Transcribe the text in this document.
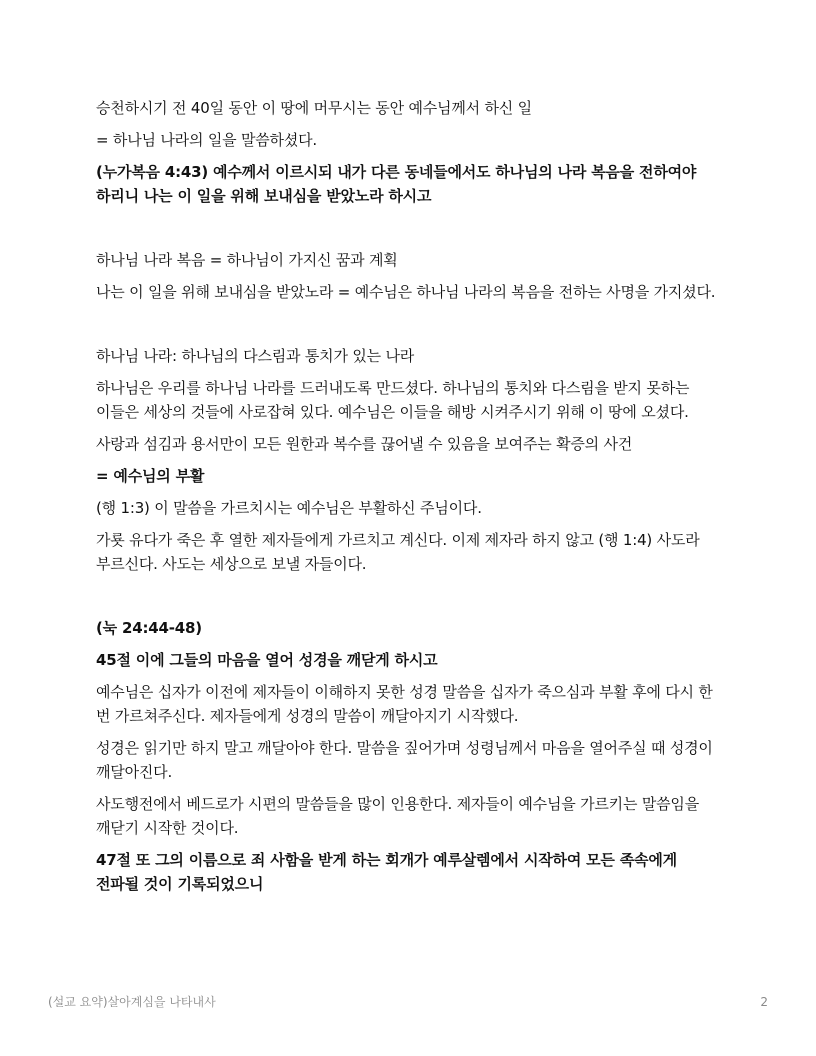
승천하시기 전 40일 동안 이 땅에 머무시는 동안 예수님께서 하신 일

= 하나님 나라의 일을 말씀하셨다.

(누가복음 4:43) 예수께서 이르시되 내가 다른 동네들에서도 하나님의 나라 복음을 전하여야 하리니 나는 이 일을 위해 보내심을 받았노라 하시고

하나님 나라 복음 = 하나님이 가지신 꿈과 계획

나는 이 일을 위해 보내심을 받았노라 = 예수님은 하나님 나라의 복음을 전하는 사명을 가지셨다.

하나님 나라: 하나님의 다스림과 통치가 있는 나라

하나님은 우리를 하나님 나라를 드러내도록 만드셨다. 하나님의 통치와 다스림을 받지 못하는 이들은 세상의 것들에 사로잡혀 있다. 예수님은 이들을 해방 시켜주시기 위해 이 땅에 오셨다.

사랑과 섬김과 용서만이 모든 원한과 복수를 끊어낼 수 있음을 보여주는 확증의 사건

= 예수님의 부활

(행 1:3) 이 말씀을 가르치시는 예수님은 부활하신 주님이다.

가룟 유다가 죽은 후 열한 제자들에게 가르치고 계신다. 이제 제자라 하지 않고 (행 1:4) 사도라 부르신다. 사도는 세상으로 보낼 자들이다.

(눅 24:44-48)

45절 이에 그들의 마음을 열어 성경을 깨닫게 하시고

예수님은 십자가 이전에 제자들이 이해하지 못한 성경 말씀을 십자가 죽으심과 부활 후에 다시 한 번 가르쳐주신다. 제자들에게 성경의 말씀이 깨달아지기 시작했다.

성경은 읽기만 하지 말고 깨달아야 한다. 말씀을 짚어가며 성령님께서 마음을 열어주실 때 성경이 깨달아진다.

사도행전에서 베드로가 시편의 말씀들을 많이 인용한다. 제자들이 예수님을 가르키는 말씀임을 깨닫기 시작한 것이다.

47절 또 그의 이름으로 죄 사함을 받게 하는 회개가 예루살렘에서 시작하여 모든 족속에게 전파될 것이 기록되었으니

(설교 요약)살아계심을 나타내사	2
